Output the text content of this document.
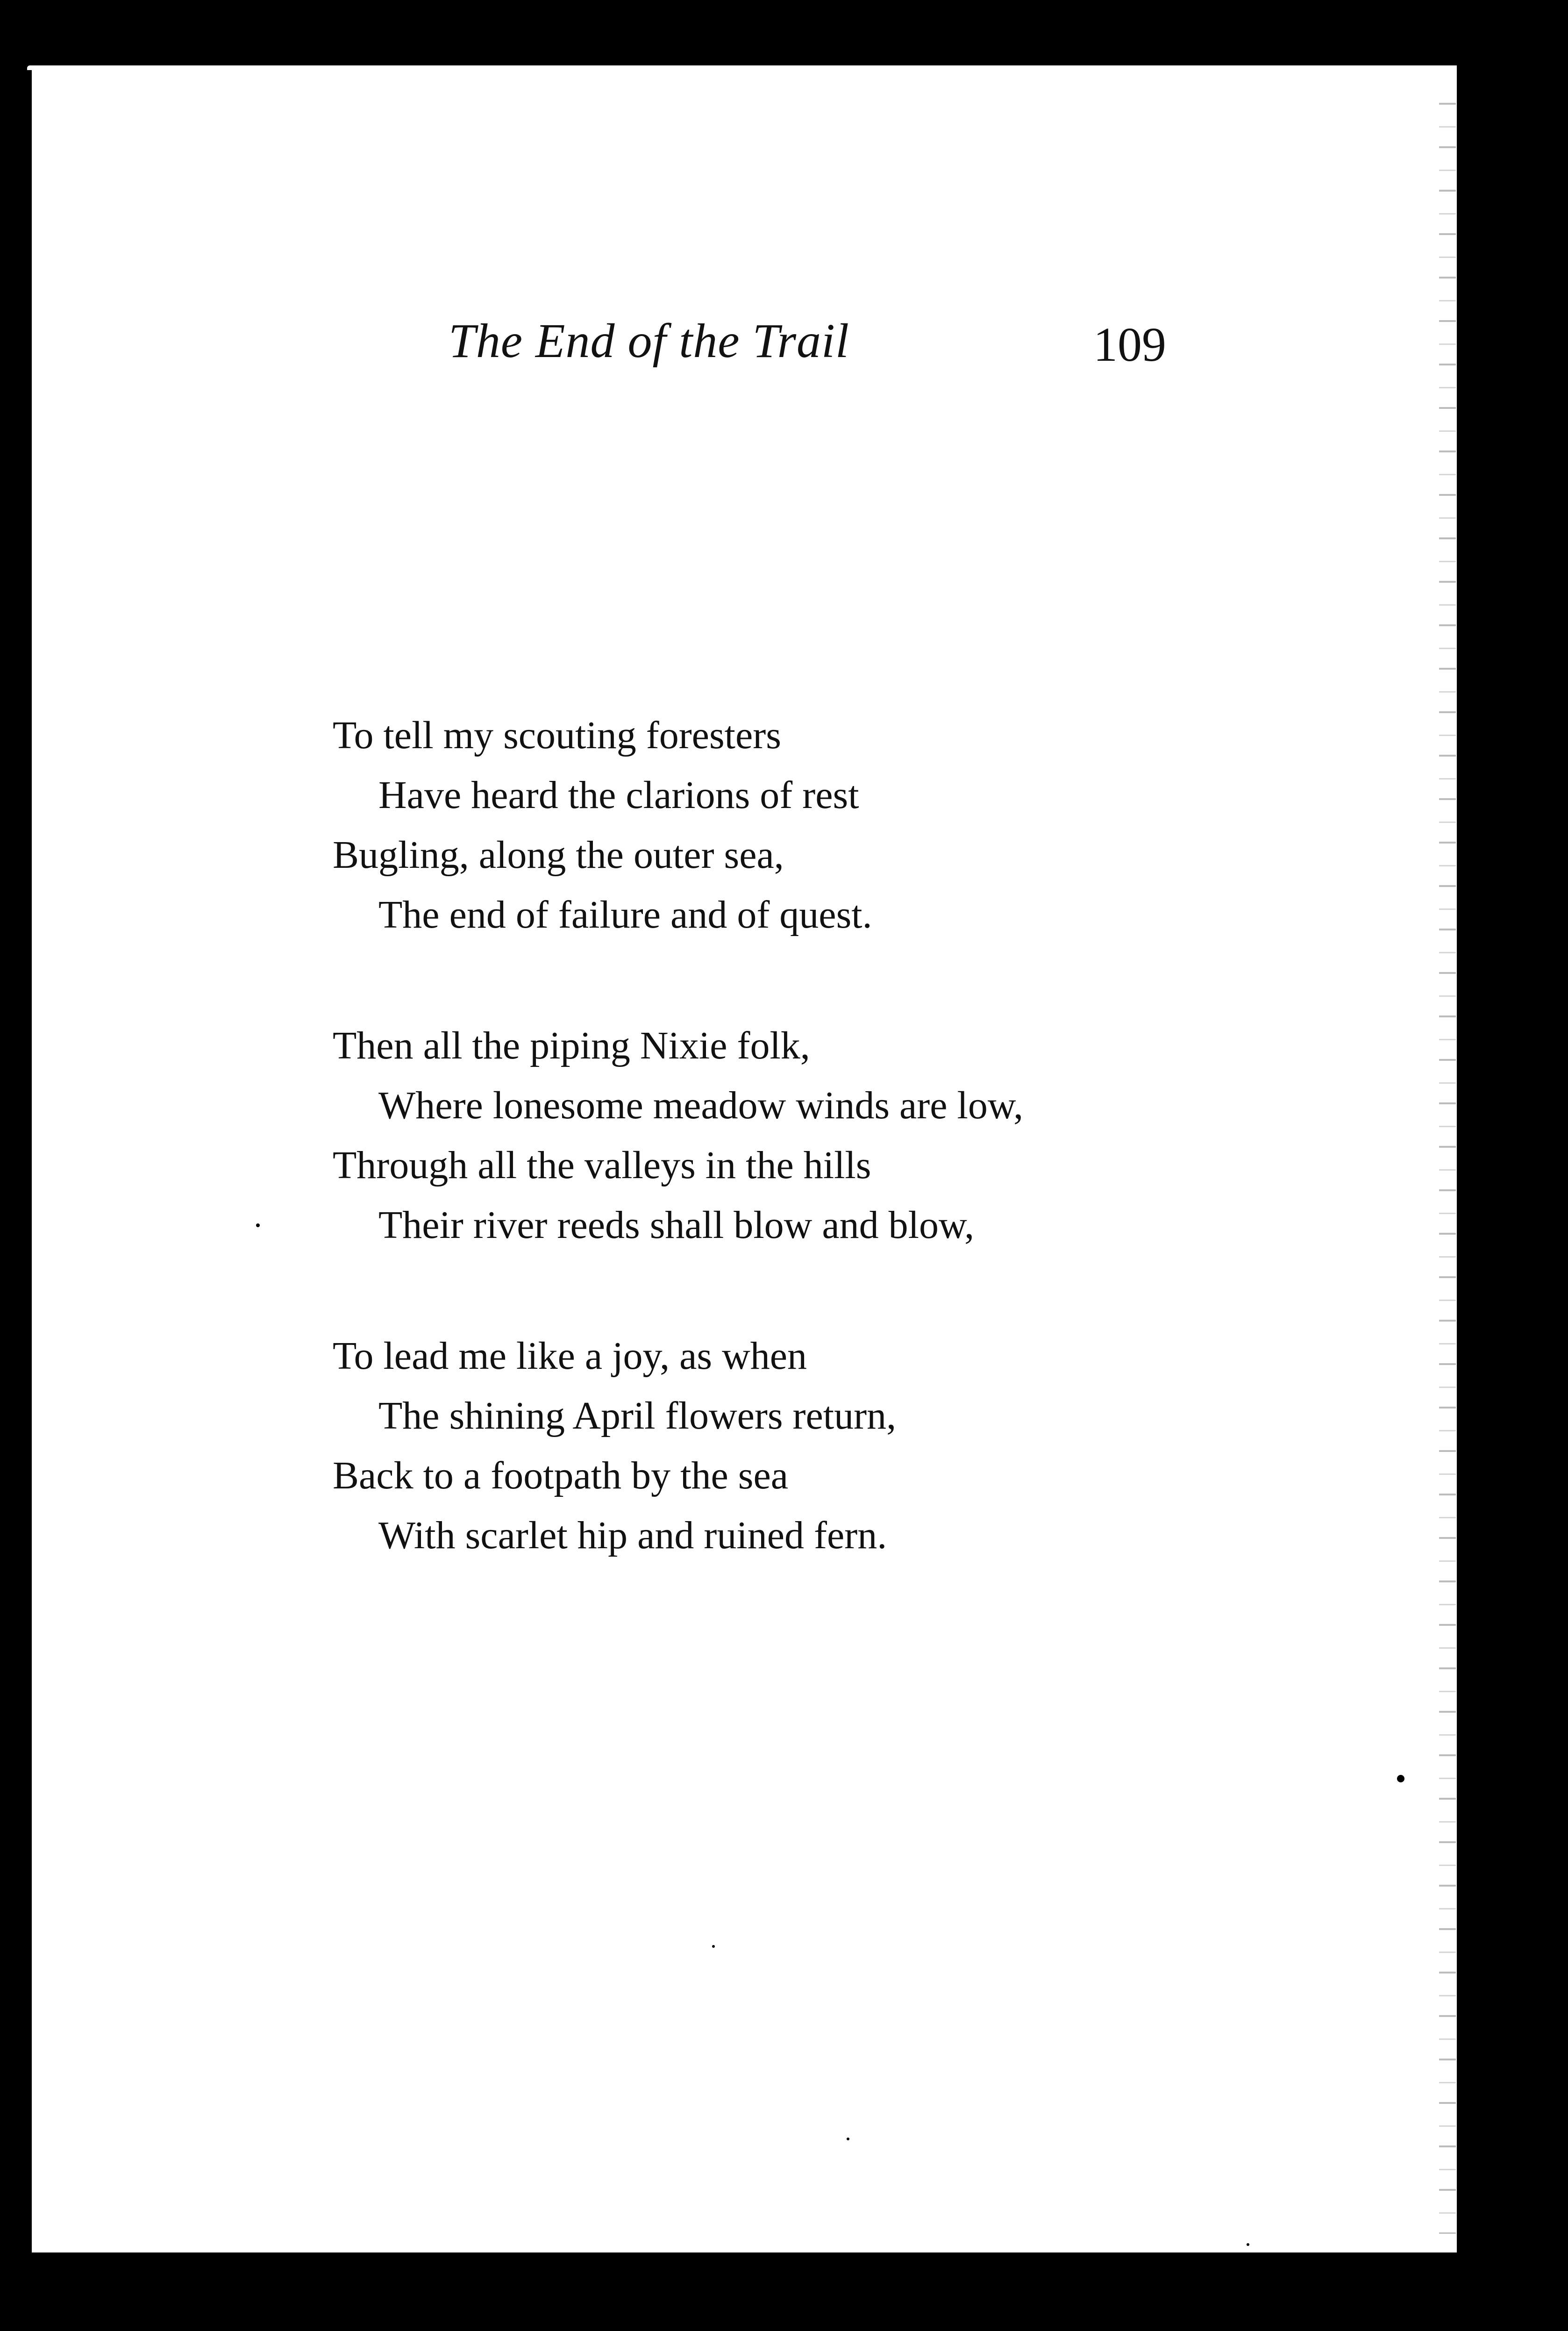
The End of the Trail	109
To tell my scouting foresters
Have heard the clarions of rest
Bugling, along the outer sea,
The end of failure and of quest.
Then all the piping Nixie folk,
Where lonesome meadow winds are low,
Through all the valleys in the hills
Their river reeds shall blow and blow,
To lead me like a joy, as when
The shining April flowers return,
Back to a footpath by the sea
With scarlet hip and ruined fern.
